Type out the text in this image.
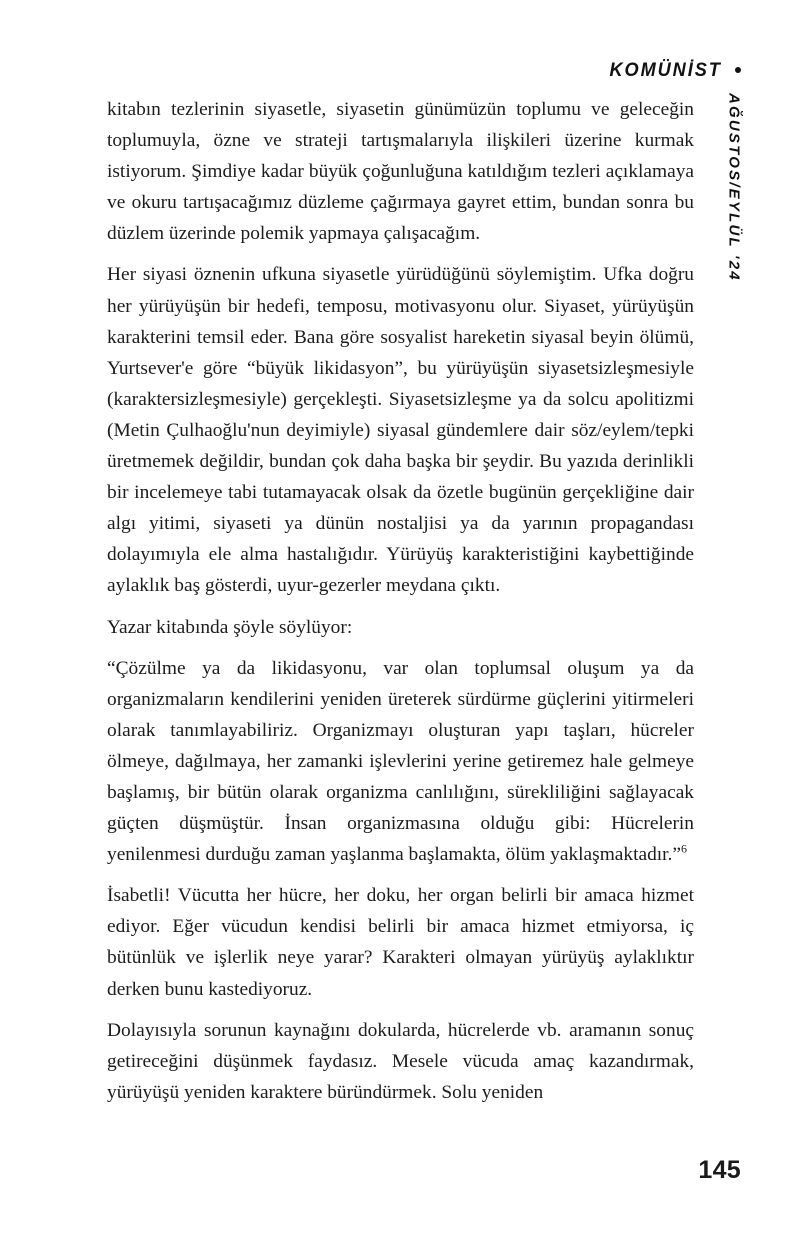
KOMÜNİST
AĞUSTOS/EYLÜL '24

kitabın tezlerinin siyasetle, siyasetin günümüzün toplumu ve geleceğin toplumuyla, özne ve strateji tartışmalarıyla ilişkileri üzerine kurmak istiyorum. Şimdiye kadar büyük çoğunluğuna katıldığım tezleri açıklamaya ve okuru tartışacağımız düzleme çağırmaya gayret ettim, bundan sonra bu düzlem üzerinde polemik yapmaya çalışacağım.

Her siyasi öznenin ufkuna siyasetle yürüdüğünü söylemiştim. Ufka doğru her yürüyüşün bir hedefi, temposu, motivasyonu olur. Siyaset, yürüyüşün karakterini temsil eder. Bana göre sosyalist hareketin siyasal beyin ölümü, Yurtsever'e göre “büyük likidasyon”, bu yürüyüşün siyasetsizleşmesiyle (karaktersizleşmesiyle) gerçekleşti. Siyasetsizleşme ya da solcu apolitizmi (Metin Çulhaoğlu'nun deyimiyle) siyasal gündemlere dair söz/eylem/tepki üretmemek değildir, bundan çok daha başka bir şeydir. Bu yazıda derinlikli bir incelemeye tabi tutamayacak olsak da özetle bugünün gerçekliğine dair algı yitimi, siyaseti ya dünün nostaljisi ya da yarının propagandası dolayımıyla ele alma hastalığıdır. Yürüyüş karakteristiğini kaybettiğinde aylaklık baş gösterdi, uyur-gezerler meydana çıktı.

Yazar kitabında şöyle söylüyor:

“Çözülme ya da likidasyonu, var olan toplumsal oluşum ya da organizmaların kendilerini yeniden üreterek sürdürme güçlerini yitirmeleri olarak tanımlayabiliriz. Organizmayı oluşturan yapı taşları, hücreler ölmeye, dağılmaya, her zamanki işlevlerini yerine getiremez hale gelmeye başlamış, bir bütün olarak organizma canlılığını, sürekliliğini sağlayacak güçten düşmüştür. İnsan organizmasına olduğu gibi: Hücrelerin yenilenmesi durduğu zaman yaşlanma başlamakta, ölüm yaklaşmaktadır.”$^6$

İsabetli! Vücutta her hücre, her doku, her organ belirli bir amaca hizmet ediyor. Eğer vücudun kendisi belirli bir amaca hizmet etmiyorsa, iç bütünlük ve işlerlik neye yarar? Karakteri olmayan yürüyüş aylaklıktır derken bunu kastediyoruz.

Dolayısıyla sorunun kaynağını dokularda, hücrelerde vb. aramanın sonuç getireceğini düşünmek faydasız. Mesele vücuda amaç kazandırmak, yürüyüşü yeniden karaktere büründürmek. Solu yeniden

145
